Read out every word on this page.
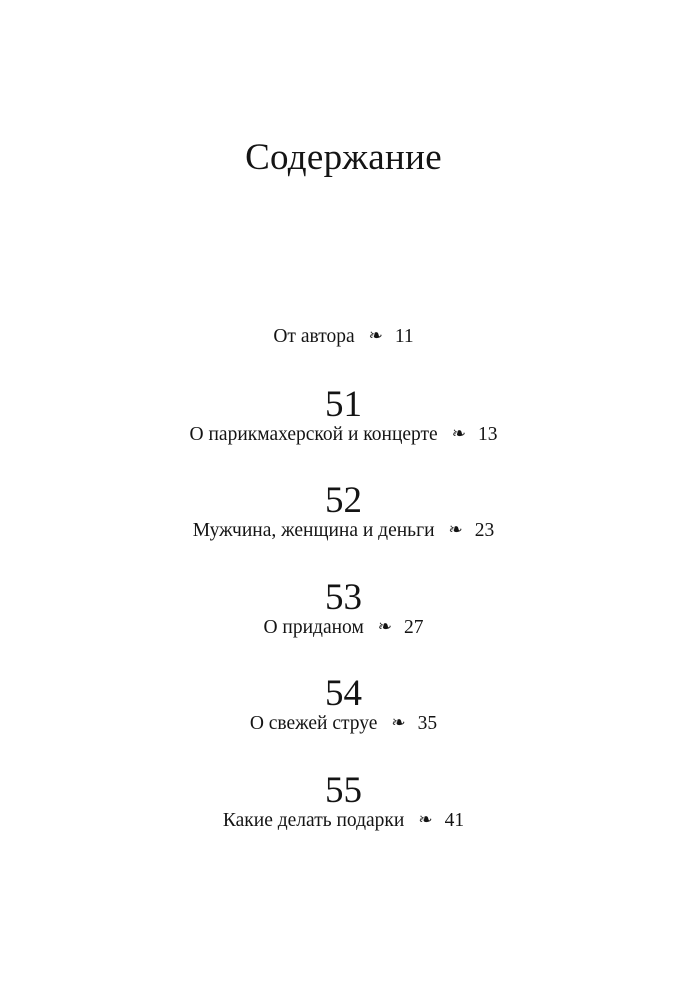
Содержание
От автора ❧ 11
51
О парикмахерской и концерте ❧ 13
52
Мужчина, женщина и деньги ❧ 23
53
О приданом ❧ 27
54
О свежей струе ❧ 35
55
Какие делать подарки ❧ 41
